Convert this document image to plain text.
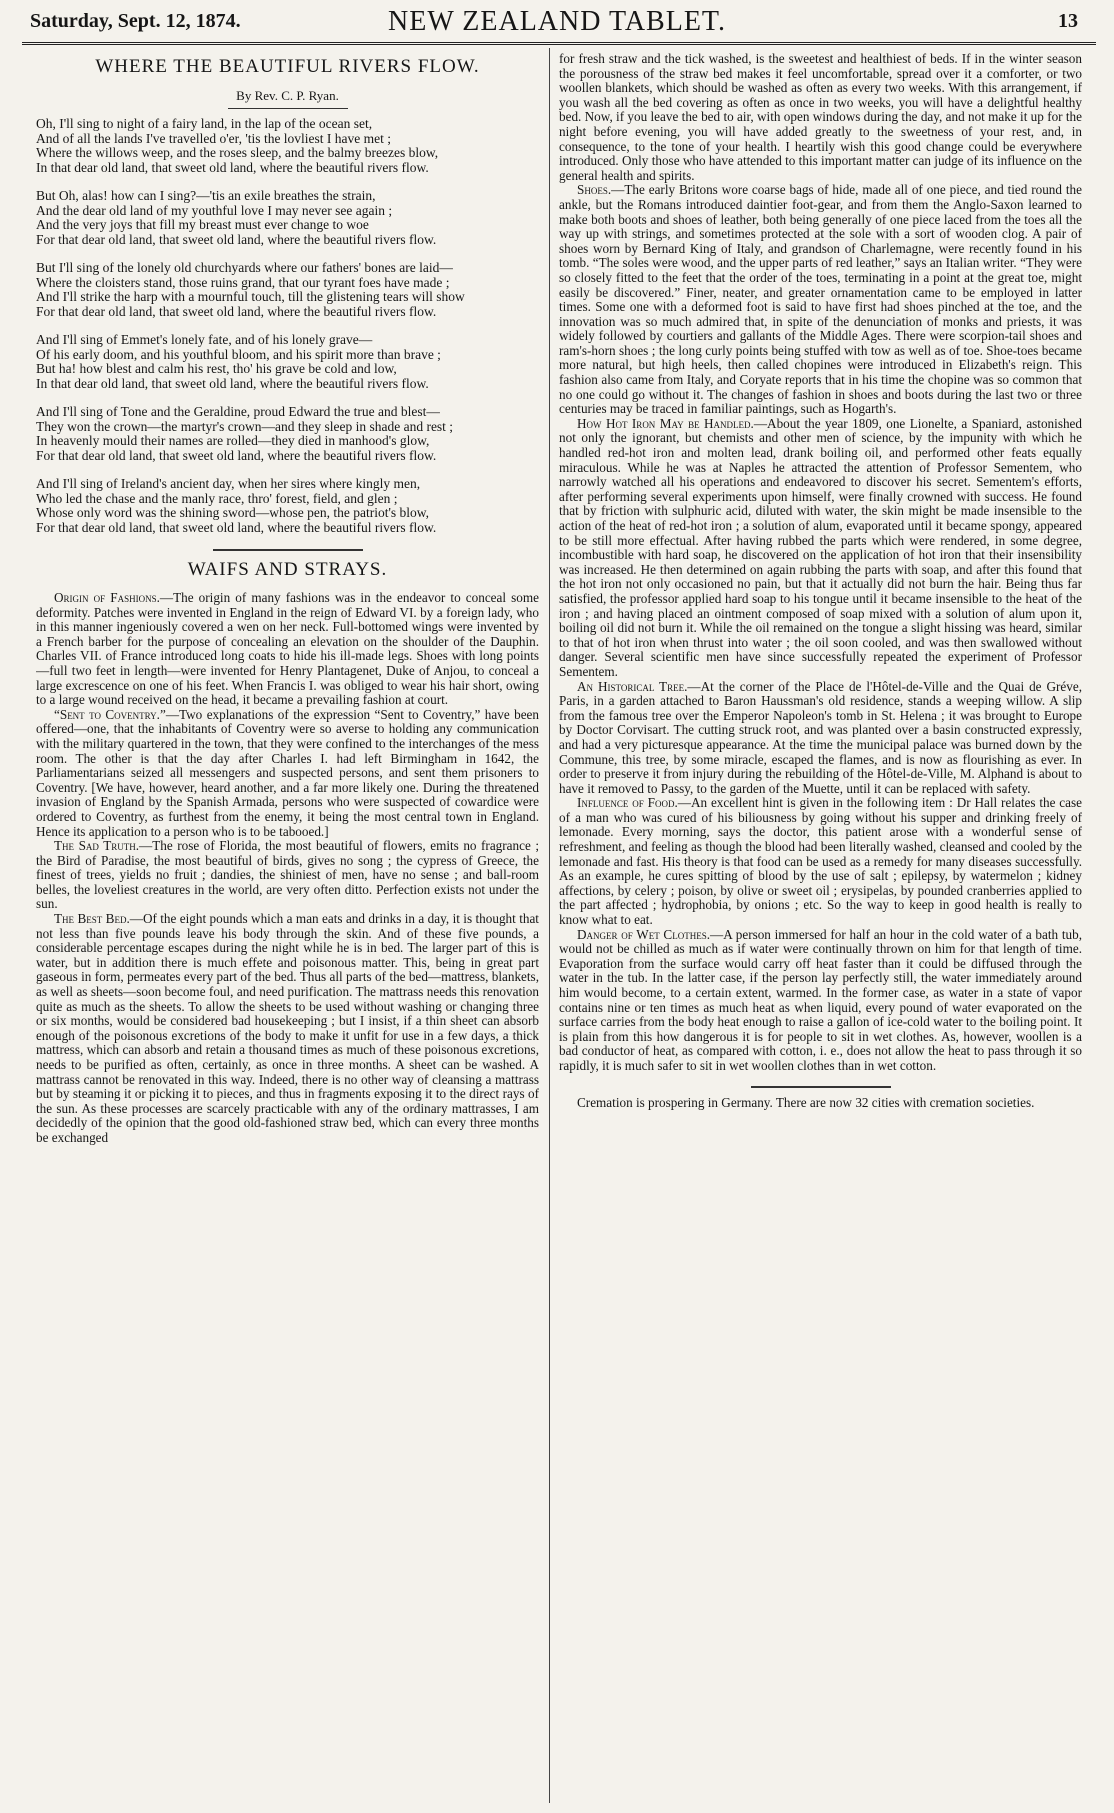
Saturday, Sept. 12, 1874.	NEW ZEALAND TABLET.	13
WHERE THE BEAUTIFUL RIVERS FLOW.
By Rev. C. P. Ryan.
Oh, I'll sing to night of a fairy land, in the lap of the ocean set,
And of all the lands I've travelled o'er, 'tis the lovliest I have met ;
Where the willows weep, and the roses sleep, and the balmy breezes blow,
In that dear old land, that sweet old land, where the beautiful rivers flow.
But Oh, alas! how can I sing?—'tis an exile breathes the strain,
And the dear old land of my youthful love I may never see again ;
And the very joys that fill my breast must ever change to woe
For that dear old land, that sweet old land, where the beautiful rivers flow.
But I'll sing of the lonely old churchyards where our fathers' bones are laid—
Where the cloisters stand, those ruins grand, that our tyrant foes have made ;
And I'll strike the harp with a mournful touch, till the glistening tears will show
For that dear old land, that sweet old land, where the beautiful rivers flow.
And I'll sing of Emmet's lonely fate, and of his lonely grave—
Of his early doom, and his youthful bloom, and his spirit more than brave ;
But ha! how blest and calm his rest, tho' his grave be cold and low,
In that dear old land, that sweet old land, where the beautiful rivers flow.
And I'll sing of Tone and the Geraldine, proud Edward the true and blest—
They won the crown—the martyr's crown—and they sleep in shade and rest ;
In heavenly mould their names are rolled—they died in manhood's glow,
For that dear old land, that sweet old land, where the beautiful rivers flow.
And I'll sing of Ireland's ancient day, when her sires where kingly men,
Who led the chase and the manly race, thro' forest, field, and glen ;
Whose only word was the shining sword—whose pen, the patriot's blow,
For that dear old land, that sweet old land, where the beautiful rivers flow.
WAIFS AND STRAYS.

Origin of Fashions.—The origin of many fashions was in the endeavor to conceal some deformity. Patches were invented in England in the reign of Edward VI. by a foreign lady, who in this manner ingeniously covered a wen on her neck. Full-bottomed wings were invented by a French barber for the purpose of concealing an elevation on the shoulder of the Dauphin. Charles VII. of France introduced long coats to hide his ill-made legs. Shoes with long points—full two feet in length—were invented for Henry Plantagenet, Duke of Anjou, to conceal a large excrescence on one of his feet. When Francis I. was obliged to wear his hair short, owing to a large wound received on the head, it became a prevailing fashion at court.

“Sent to Coventry.”—Two explanations of the expression “Sent to Coventry,” have been offered—one, that the inhabitants of Coventry were so averse to holding any communication with the military quartered in the town, that they were confined to the interchanges of the mess room. The other is that the day after Charles I. had left Birmingham in 1642, the Parliamentarians seized all messengers and suspected persons, and sent them prisoners to Coventry. [We have, however, heard another, and a far more likely one. During the threatened invasion of England by the Spanish Armada, persons who were suspected of cowardice were ordered to Coventry, as furthest from the enemy, it being the most central town in England. Hence its application to a person who is to be tabooed.]

The Sad Truth.—The rose of Florida, the most beautiful of flowers, emits no fragrance ; the Bird of Paradise, the most beautiful of birds, gives no song ; the cypress of Greece, the finest of trees, yields no fruit ; dandies, the shiniest of men, have no sense ; and ball-room belles, the loveliest creatures in the world, are very often ditto. Perfection exists not under the sun.

The Best Bed.—Of the eight pounds which a man eats and drinks in a day, it is thought that not less than five pounds leave his body through the skin. And of these five pounds, a considerable percentage escapes during the night while he is in bed. The larger part of this is water, but in addition there is much effete and poisonous matter. This, being in great part gaseous in form, permeates every part of the bed. Thus all parts of the bed—mattress, blankets, as well as sheets—soon become foul, and need purification. The mattrass needs this renovation quite as much as the sheets. To allow the sheets to be used without washing or changing three or six months, would be considered bad housekeeping ; but I insist, if a thin sheet can absorb enough of the poisonous excretions of the body to make it unfit for use in a few days, a thick mattress, which can absorb and retain a thousand times as much of these poisonous excretions, needs to be purified as often, certainly, as once in three months. A sheet can be washed. A mattrass cannot be renovated in this way. Indeed, there is no other way of cleansing a mattrass but by steaming it or picking it to pieces, and thus in fragments exposing it to the direct rays of the sun. As these processes are scarcely practicable with any of the ordinary mattrasses, I am decidedly of the opinion that the good old-fashioned straw bed, which can every three months be exchanged

for fresh straw and the tick washed, is the sweetest and healthiest of beds. If in the winter season the porousness of the straw bed makes it feel uncomfortable, spread over it a comforter, or two woollen blankets, which should be washed as often as every two weeks. With this arrangement, if you wash all the bed covering as often as once in two weeks, you will have a delightful healthy bed. Now, if you leave the bed to air, with open windows during the day, and not make it up for the night before evening, you will have added greatly to the sweetness of your rest, and, in consequence, to the tone of your health. I heartily wish this good change could be everywhere introduced. Only those who have attended to this important matter can judge of its influence on the general health and spirits.

Shoes.—The early Britons wore coarse bags of hide, made all of one piece, and tied round the ankle, but the Romans introduced daintier foot-gear, and from them the Anglo-Saxon learned to make both boots and shoes of leather, both being generally of one piece laced from the toes all the way up with strings, and sometimes protected at the sole with a sort of wooden clog. A pair of shoes worn by Bernard King of Italy, and grandson of Charlemagne, were recently found in his tomb. “The soles were wood, and the upper parts of red leather,” says an Italian writer. “They were so closely fitted to the feet that the order of the toes, terminating in a point at the great toe, might easily be discovered.” Finer, neater, and greater ornamentation came to be employed in latter times. Some one with a deformed foot is said to have first had shoes pinched at the toe, and the innovation was so much admired that, in spite of the denunciation of monks and priests, it was widely followed by courtiers and gallants of the Middle Ages. There were scorpion-tail shoes and ram's-horn shoes ; the long curly points being stuffed with tow as well as of toe. Shoe-toes became more natural, but high heels, then called chopines were introduced in Elizabeth's reign. This fashion also came from Italy, and Coryate reports that in his time the chopine was so common that no one could go without it. The changes of fashion in shoes and boots during the last two or three centuries may be traced in familiar paintings, such as Hogarth's.

How Hot Iron May be Handled.—About the year 1809, one Lionelte, a Spaniard, astonished not only the ignorant, but chemists and other men of science, by the impunity with which he handled red-hot iron and molten lead, drank boiling oil, and performed other feats equally miraculous. While he was at Naples he attracted the attention of Professor Sementem, who narrowly watched all his operations and endeavored to discover his secret. Sementem's efforts, after performing several experiments upon himself, were finally crowned with success. He found that by friction with sulphuric acid, diluted with water, the skin might be made insensible to the action of the heat of red-hot iron ; a solution of alum, evaporated until it became spongy, appeared to be still more effectual. After having rubbed the parts which were rendered, in some degree, incombustible with hard soap, he discovered on the application of hot iron that their insensibility was increased. He then determined on again rubbing the parts with soap, and after this found that the hot iron not only occasioned no pain, but that it actually did not burn the hair. Being thus far satisfied, the professor applied hard soap to his tongue until it became insensible to the heat of the iron ; and having placed an ointment composed of soap mixed with a solution of alum upon it, boiling oil did not burn it. While the oil remained on the tongue a slight hissing was heard, similar to that of hot iron when thrust into water ; the oil soon cooled, and was then swallowed without danger. Several scientific men have since successfully repeated the experiment of Professor Sementem.

An Historical Tree.—At the corner of the Place de l'Hôtel-de-Ville and the Quai de Gréve, Paris, in a garden attached to Baron Haussman's old residence, stands a weeping willow. A slip from the famous tree over the Emperor Napoleon's tomb in St. Helena ; it was brought to Europe by Doctor Corvisart. The cutting struck root, and was planted over a basin constructed expressly, and had a very picturesque appearance. At the time the municipal palace was burned down by the Commune, this tree, by some miracle, escaped the flames, and is now as flourishing as ever. In order to preserve it from injury during the rebuilding of the Hôtel-de-Ville, M. Alphand is about to have it removed to Passy, to the garden of the Muette, until it can be replaced with safety.

Influence of Food.—An excellent hint is given in the following item : Dr Hall relates the case of a man who was cured of his biliousness by going without his supper and drinking freely of lemonade. Every morning, says the doctor, this patient arose with a wonderful sense of refreshment, and feeling as though the blood had been literally washed, cleansed and cooled by the lemonade and fast. His theory is that food can be used as a remedy for many diseases successfully. As an example, he cures spitting of blood by the use of salt ; epilepsy, by watermelon ; kidney affections, by celery ; poison, by olive or sweet oil ; erysipelas, by pounded cranberries applied to the part affected ; hydrophobia, by onions ; etc. So the way to keep in good health is really to know what to eat.

Danger of Wet Clothes.—A person immersed for half an hour in the cold water of a bath tub, would not be chilled as much as if water were continually thrown on him for that length of time. Evaporation from the surface would carry off heat faster than it could be diffused through the water in the tub. In the latter case, if the person lay perfectly still, the water immediately around him would become, to a certain extent, warmed. In the former case, as water in a state of vapor contains nine or ten times as much heat as when liquid, every pound of water evaporated on the surface carries from the body heat enough to raise a gallon of ice-cold water to the boiling point. It is plain from this how dangerous it is for people to sit in wet clothes. As, however, woollen is a bad conductor of heat, as compared with cotton, i. e., does not allow the heat to pass through it so rapidly, it is much safer to sit in wet woollen clothes than in wet cotton.

Cremation is prospering in Germany. There are now 32 cities with cremation societies.
